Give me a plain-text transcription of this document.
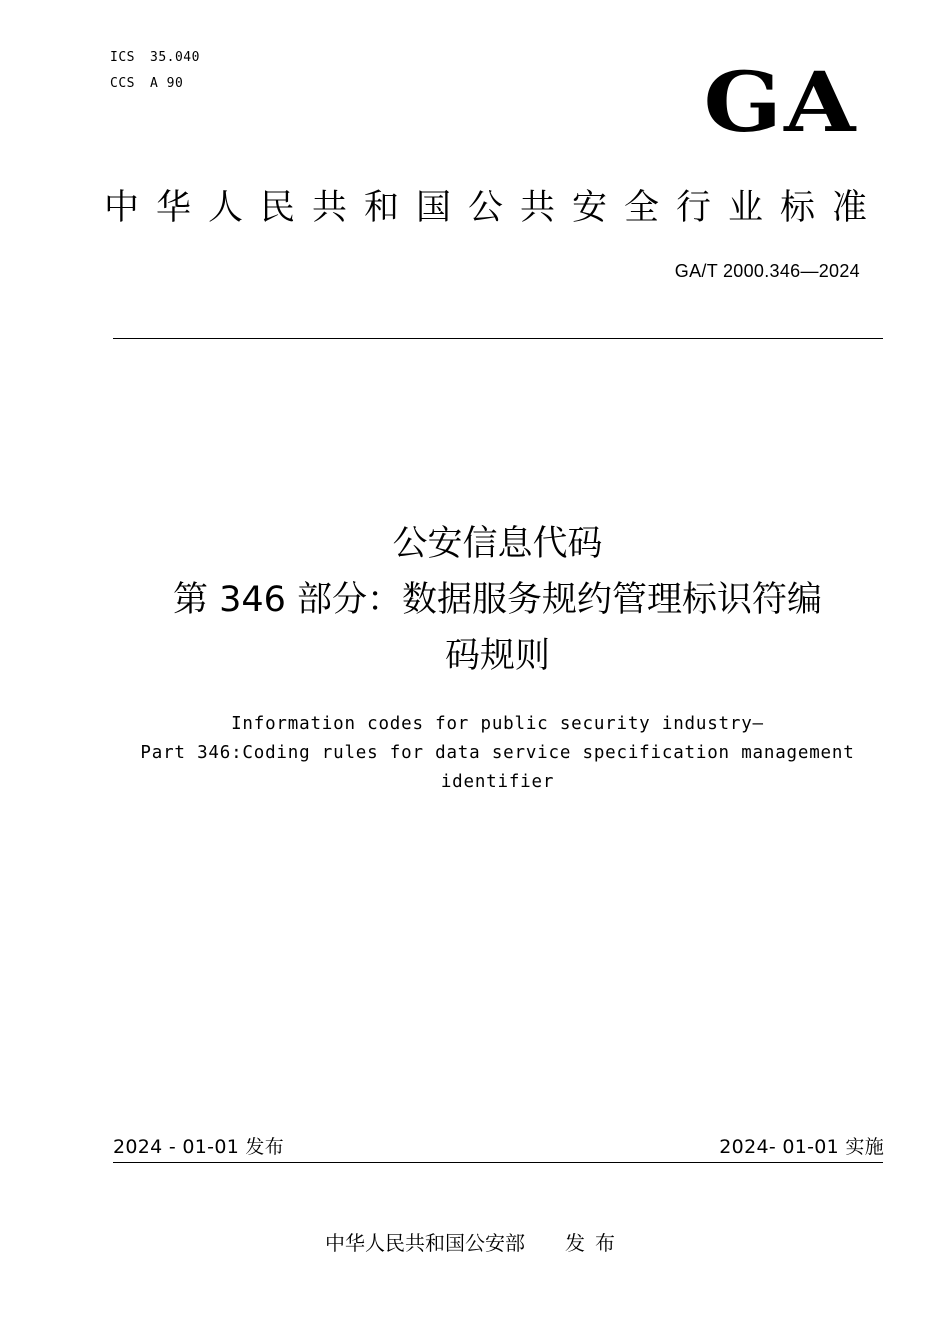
ICS 35.040
CCS A 90	GA
中华人民共和国公共安全行业标准
GA/T 2000.346—2024
公安信息代码
第 346 部分：数据服务规约管理标识符编
码规则
Information codes for public security industry—
Part 346:Coding rules for data service specification management
identifier
2024 - 01-01 发布	2024- 01-01 实施
中华人民共和国公安部 发布
